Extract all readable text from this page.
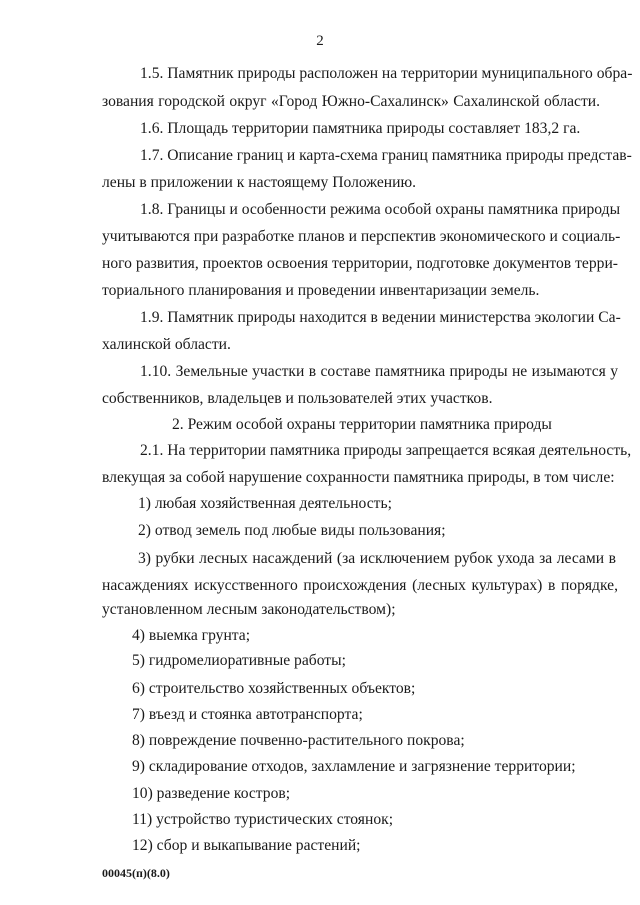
2
1.5. Памятник природы расположен на территории муниципального обра-
зования городской округ «Город Южно-Сахалинск» Сахалинской области.
1.6. Площадь территории памятника природы составляет 183,2 га.
1.7. Описание границ и карта-схема границ памятника природы представ-
лены в приложении к настоящему Положению.
1.8. Границы и особенности режима особой охраны памятника природы
учитываются при разработке планов и перспектив экономического и социаль-
ного развития, проектов освоения территории, подготовке документов терри-
ториального планирования и проведении инвентаризации земель.
1.9. Памятник природы находится в ведении министерства экологии Са-
халинской области.
1.10. Земельные участки в составе памятника природы не изымаются у
собственников, владельцев и пользователей этих участков.
2. Режим особой охраны территории памятника природы
2.1. На территории памятника природы запрещается всякая деятельность,
влекущая за собой нарушение сохранности памятника природы, в том числе:
1) любая хозяйственная деятельность;
2) отвод земель под любые виды пользования;
3) рубки лесных насаждений (за исключением рубок ухода за лесами в
насаждениях искусственного происхождения (лесных культурах) в порядке,
установленном лесным законодательством);
4) выемка грунта;
5) гидромелиоративные работы;
6) строительство хозяйственных объектов;
7) въезд и стоянка автотранспорта;
8) повреждение почвенно-растительного покрова;
9) складирование отходов, захламление и загрязнение территории;
10) разведение костров;
11) устройство туристических стоянок;
12) сбор и выкапывание растений;
00045(п)(8.0)
